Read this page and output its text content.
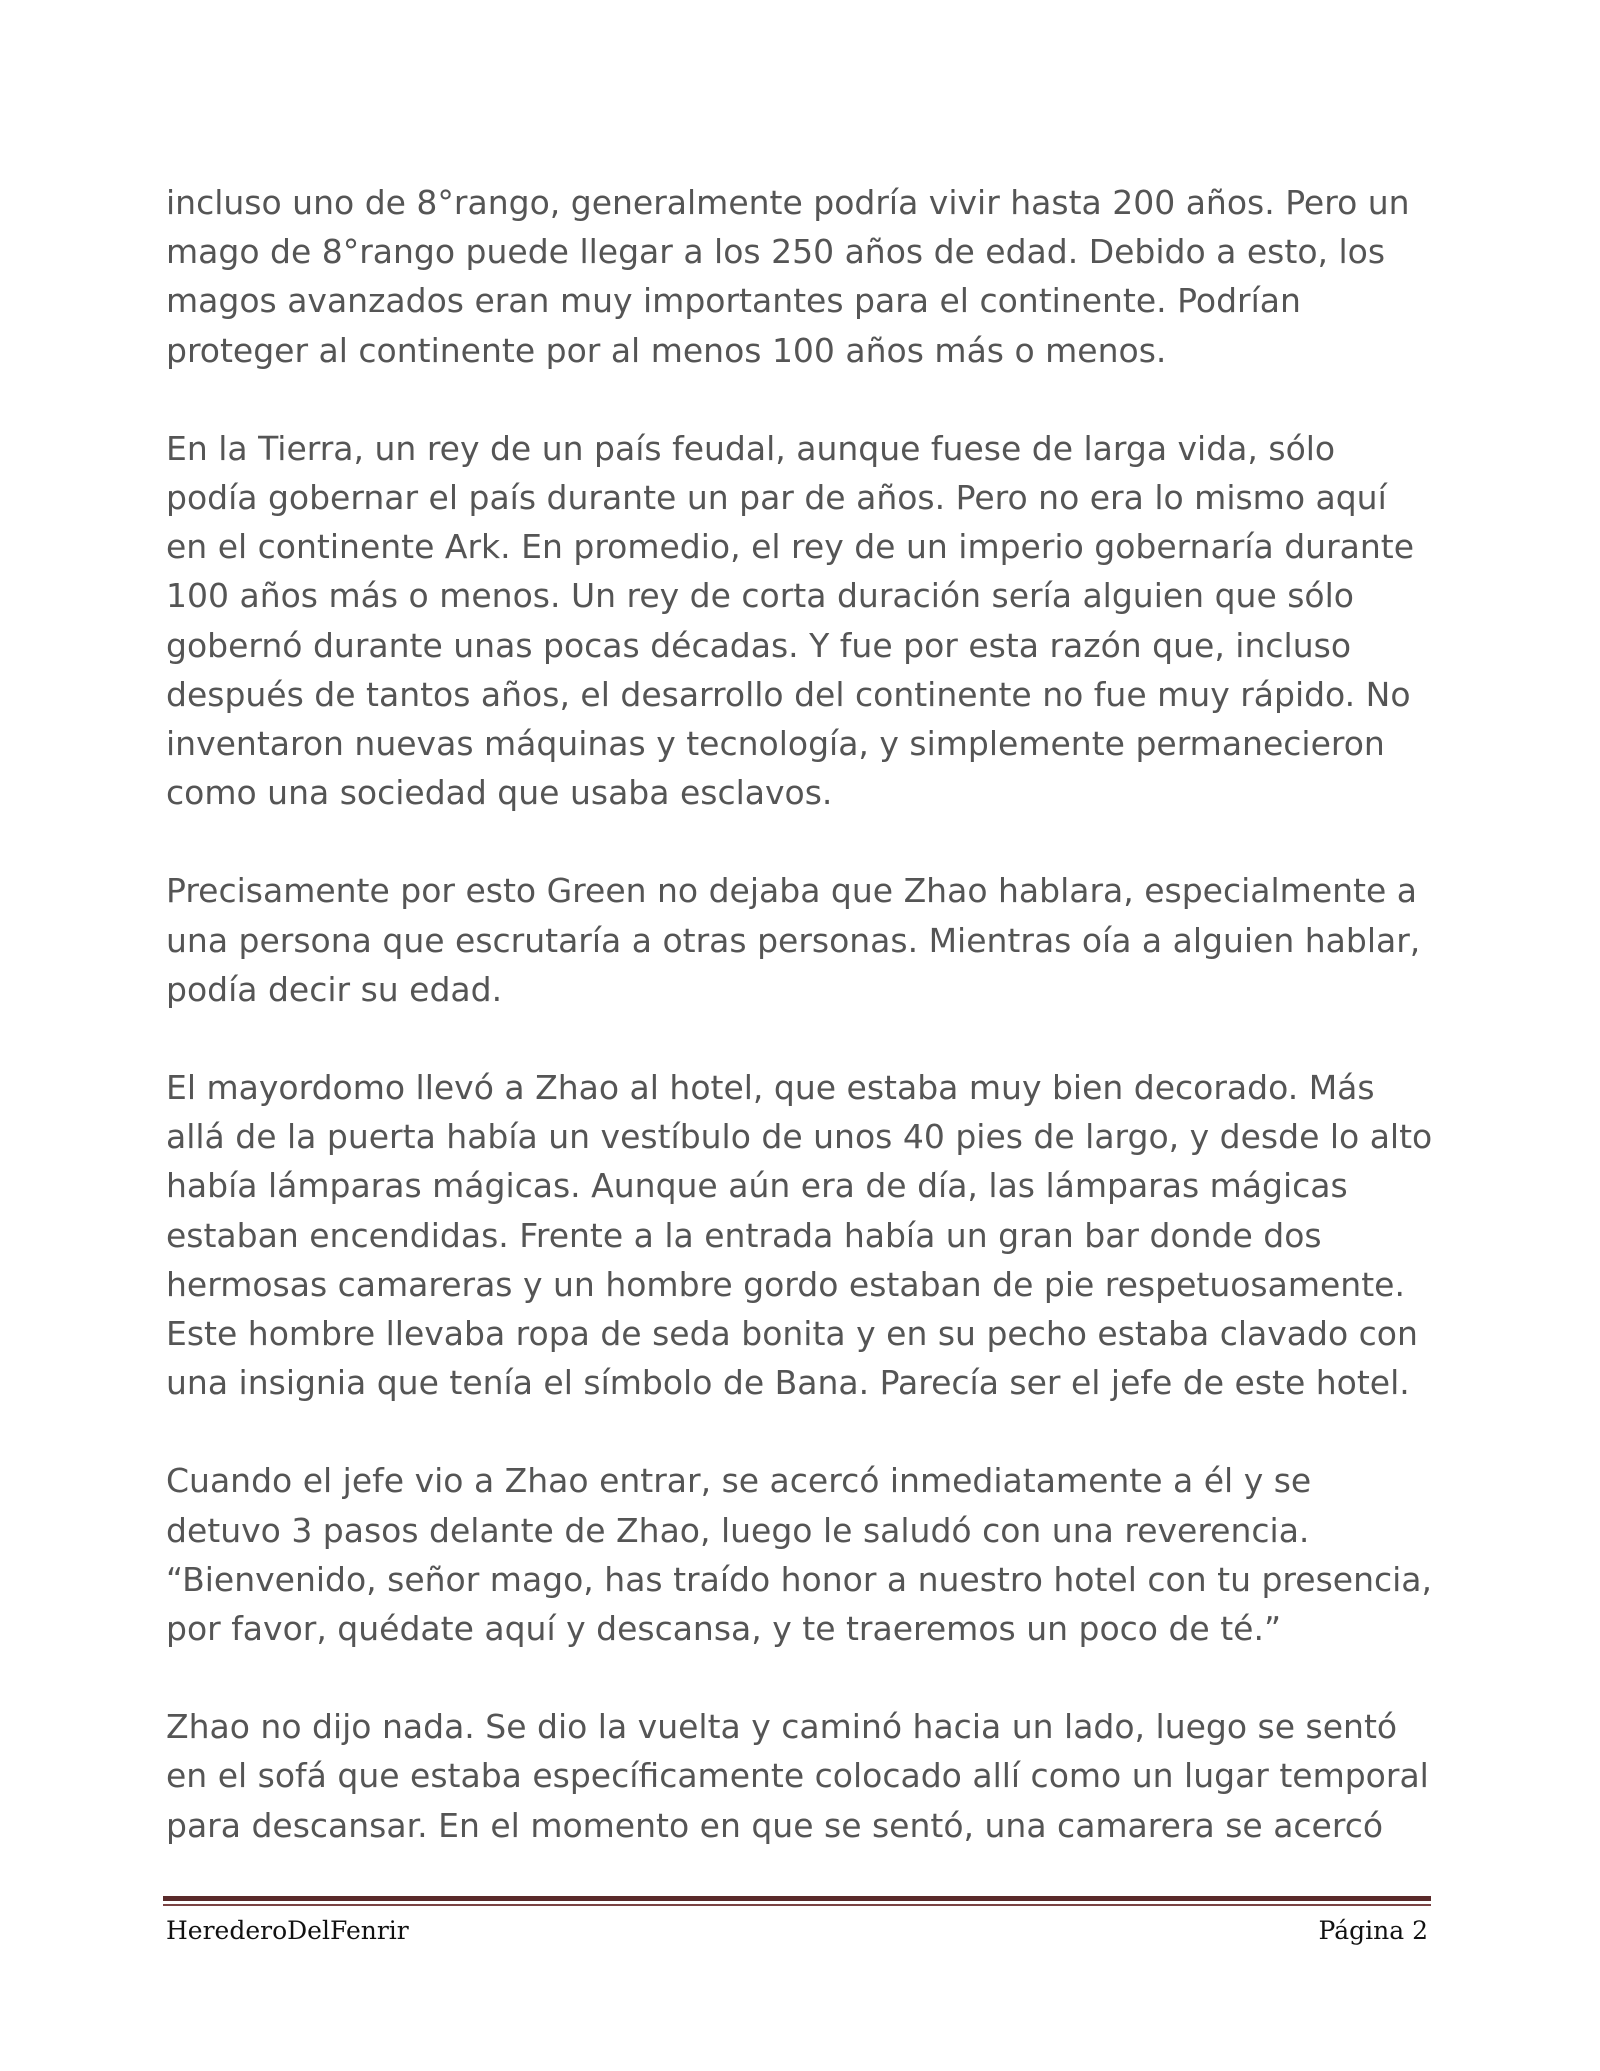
incluso uno de 8°rango, generalmente podría vivir hasta 200 años. Pero un
mago de 8°rango puede llegar a los 250 años de edad. Debido a esto, los
magos avanzados eran muy importantes para el continente. Podrían
proteger al continente por al menos 100 años más o menos.

En la Tierra, un rey de un país feudal, aunque fuese de larga vida, sólo
podía gobernar el país durante un par de años. Pero no era lo mismo aquí
en el continente Ark. En promedio, el rey de un imperio gobernaría durante
100 años más o menos. Un rey de corta duración sería alguien que sólo
gobernó durante unas pocas décadas. Y fue por esta razón que, incluso
después de tantos años, el desarrollo del continente no fue muy rápido. No
inventaron nuevas máquinas y tecnología, y simplemente permanecieron
como una sociedad que usaba esclavos.

Precisamente por esto Green no dejaba que Zhao hablara, especialmente a
una persona que escrutaría a otras personas. Mientras oía a alguien hablar,
podía decir su edad.

El mayordomo llevó a Zhao al hotel, que estaba muy bien decorado. Más
allá de la puerta había un vestíbulo de unos 40 pies de largo, y desde lo alto
había lámparas mágicas. Aunque aún era de día, las lámparas mágicas
estaban encendidas. Frente a la entrada había un gran bar donde dos
hermosas camareras y un hombre gordo estaban de pie respetuosamente.
Este hombre llevaba ropa de seda bonita y en su pecho estaba clavado con
una insignia que tenía el símbolo de Bana. Parecía ser el jefe de este hotel.

Cuando el jefe vio a Zhao entrar, se acercó inmediatamente a él y se
detuvo 3 pasos delante de Zhao, luego le saludó con una reverencia.
“Bienvenido, señor mago, has traído honor a nuestro hotel con tu presencia,
por favor, quédate aquí y descansa, y te traeremos un poco de té.”

Zhao no dijo nada. Se dio la vuelta y caminó hacia un lado, luego se sentó
en el sofá que estaba específicamente colocado allí como un lugar temporal
para descansar. En el momento en que se sentó, una camarera se acercó

HerederoDelFenrir	Página 2
